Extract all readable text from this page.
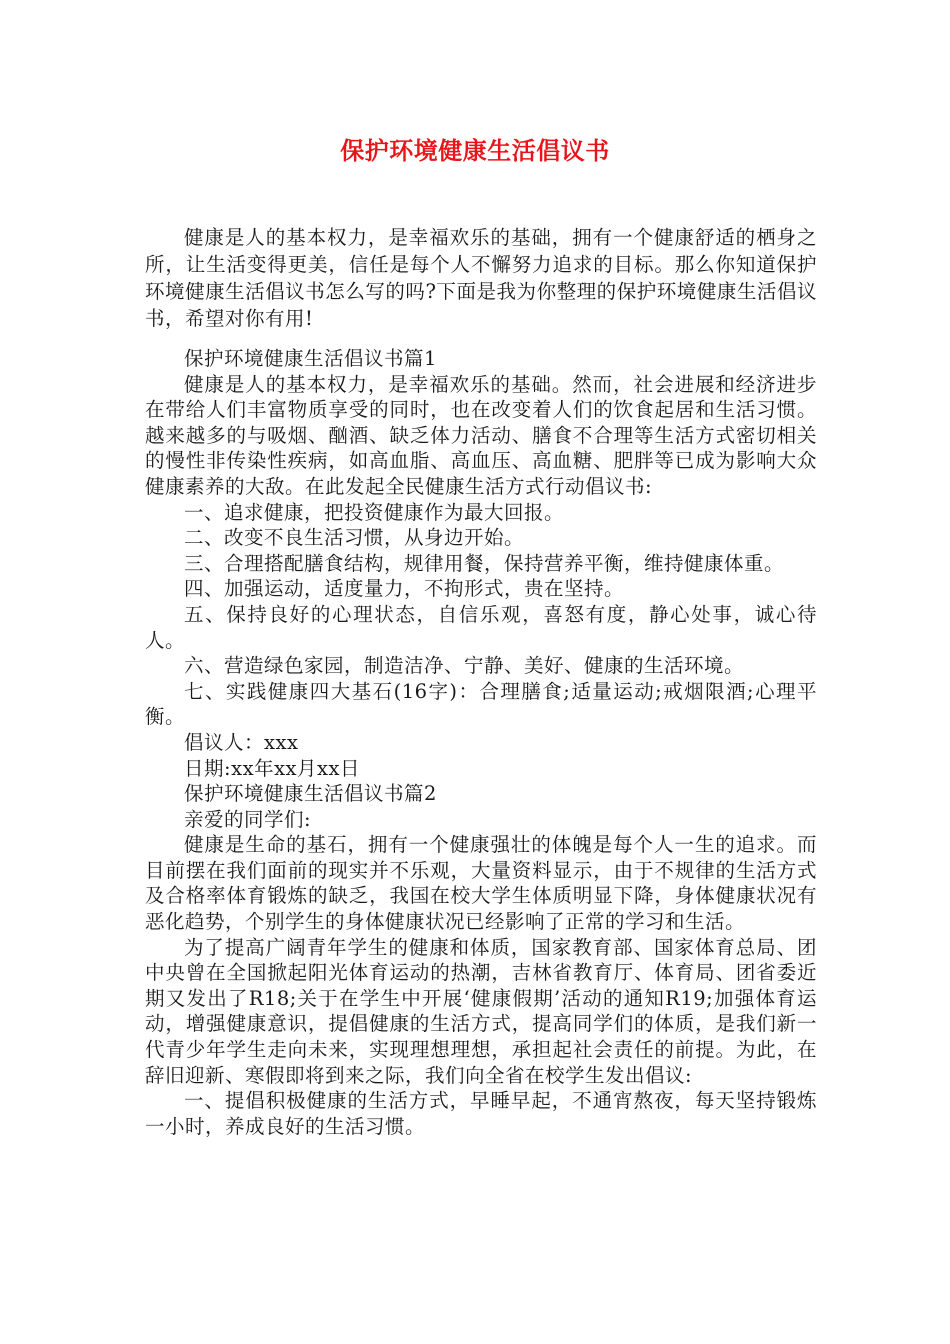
保护环境健康生活倡议书

健康是人的基本权力，是幸福欢乐的基础，拥有一个健康舒适的栖身之所，让生活变得更美，信任是每个人不懈努力追求的目标。那么你知道保护环境健康生活倡议书怎么写的吗?下面是我为你整理的保护环境健康生活倡议书，希望对你有用!

保护环境健康生活倡议书篇1

健康是人的基本权力，是幸福欢乐的基础。然而，社会进展和经济进步在带给人们丰富物质享受的同时，也在改变着人们的饮食起居和生活习惯。越来越多的与吸烟、酗酒、缺乏体力活动、膳食不合理等生活方式密切相关的慢性非传染性疾病，如高血脂、高血压、高血糖、肥胖等已成为影响大众健康素养的大敌。在此发起全民健康生活方式行动倡议书:

一、追求健康，把投资健康作为最大回报。

二、改变不良生活习惯，从身边开始。

三、合理搭配膳食结构，规律用餐，保持营养平衡，维持健康体重。

四、加强运动，适度量力，不拘形式，贵在坚持。

五、保持良好的心理状态，自信乐观，喜怒有度，静心处事，诚心待人。

六、营造绿色家园，制造洁净、宁静、美好、健康的生活环境。

七、实践健康四大基石(16字)：合理膳食;适量运动;戒烟限酒;心理平衡。

倡议人：xxx

日期:xx年xx月xx日

保护环境健康生活倡议书篇2

亲爱的同学们:

健康是生命的基石，拥有一个健康强壮的体魄是每个人一生的追求。而目前摆在我们面前的现实并不乐观，大量资料显示，由于不规律的生活方式及合格率体育锻炼的缺乏，我国在校大学生体质明显下降，身体健康状况有恶化趋势，个别学生的身体健康状况已经影响了正常的学习和生活。

为了提高广阔青年学生的健康和体质，国家教育部、国家体育总局、团中央曾在全国掀起阳光体育运动的热潮，吉林省教育厅、体育局、团省委近期又发出了R18;关于在学生中开展‘健康假期’活动的通知R19;加强体育运动，增强健康意识，提倡健康的生活方式，提高同学们的体质，是我们新一代青少年学生走向未来，实现理想理想，承担起社会责任的前提。为此，在辞旧迎新、寒假即将到来之际，我们向全省在校学生发出倡议:

一、提倡积极健康的生活方式，早睡早起，不通宵熬夜，每天坚持锻炼一小时，养成良好的生活习惯。
